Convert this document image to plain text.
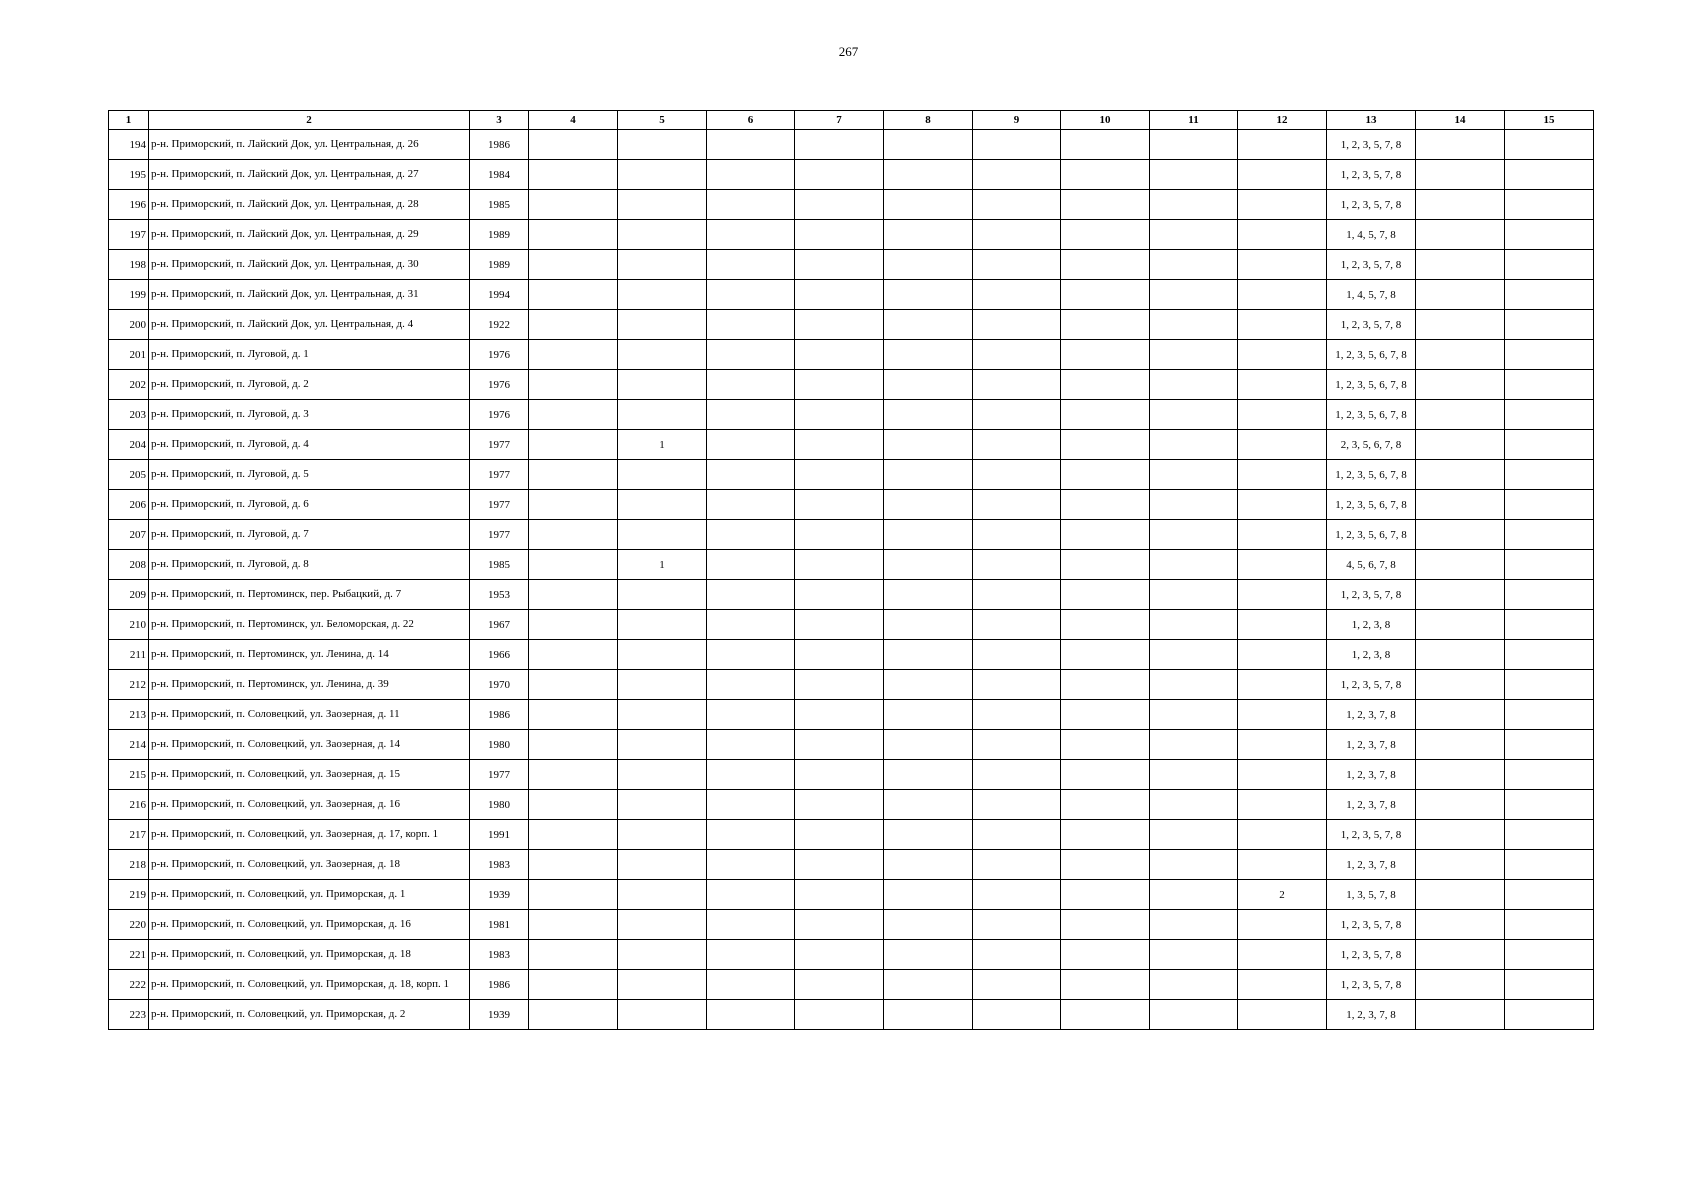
267
1	2	3	4	5	6	7	8	9	10	11	12	13	14	15
194	р-н. Приморский, п. Лайский Док, ул. Центральная, д. 26	1986										1, 2, 3, 5, 7, 8		
195	р-н. Приморский, п. Лайский Док, ул. Центральная, д. 27	1984										1, 2, 3, 5, 7, 8		
196	р-н. Приморский, п. Лайский Док, ул. Центральная, д. 28	1985										1, 2, 3, 5, 7, 8		
197	р-н. Приморский, п. Лайский Док, ул. Центральная, д. 29	1989										1, 4, 5, 7, 8		
198	р-н. Приморский, п. Лайский Док, ул. Центральная, д. 30	1989										1, 2, 3, 5, 7, 8		
199	р-н. Приморский, п. Лайский Док, ул. Центральная, д. 31	1994										1, 4, 5, 7, 8		
200	р-н. Приморский, п. Лайский Док, ул. Центральная, д. 4	1922										1, 2, 3, 5, 7, 8		
201	р-н. Приморский, п. Луговой, д. 1	1976										1, 2, 3, 5, 6, 7, 8		
202	р-н. Приморский, п. Луговой, д. 2	1976										1, 2, 3, 5, 6, 7, 8		
203	р-н. Приморский, п. Луговой, д. 3	1976										1, 2, 3, 5, 6, 7, 8		
204	р-н. Приморский, п. Луговой, д. 4	1977		1								2, 3, 5, 6, 7, 8		
205	р-н. Приморский, п. Луговой, д. 5	1977										1, 2, 3, 5, 6, 7, 8		
206	р-н. Приморский, п. Луговой, д. 6	1977										1, 2, 3, 5, 6, 7, 8		
207	р-н. Приморский, п. Луговой, д. 7	1977										1, 2, 3, 5, 6, 7, 8		
208	р-н. Приморский, п. Луговой, д. 8	1985		1								4, 5, 6, 7, 8		
209	р-н. Приморский, п. Пертоминск, пер. Рыбацкий, д. 7	1953										1, 2, 3, 5, 7, 8		
210	р-н. Приморский, п. Пертоминск, ул. Беломорская, д. 22	1967										1, 2, 3, 8		
211	р-н. Приморский, п. Пертоминск, ул. Ленина, д. 14	1966										1, 2, 3, 8		
212	р-н. Приморский, п. Пертоминск, ул. Ленина, д. 39	1970										1, 2, 3, 5, 7, 8		
213	р-н. Приморский, п. Соловецкий, ул. Заозерная, д. 11	1986										1, 2, 3, 7, 8		
214	р-н. Приморский, п. Соловецкий, ул. Заозерная, д. 14	1980										1, 2, 3, 7, 8		
215	р-н. Приморский, п. Соловецкий, ул. Заозерная, д. 15	1977										1, 2, 3, 7, 8		
216	р-н. Приморский, п. Соловецкий, ул. Заозерная, д. 16	1980										1, 2, 3, 7, 8		
217	р-н. Приморский, п. Соловецкий, ул. Заозерная, д. 17, корп. 1	1991										1, 2, 3, 5, 7, 8		
218	р-н. Приморский, п. Соловецкий, ул. Заозерная, д. 18	1983										1, 2, 3, 7, 8		
219	р-н. Приморский, п. Соловецкий, ул. Приморская, д. 1	1939									2	1, 3, 5, 7, 8		
220	р-н. Приморский, п. Соловецкий, ул. Приморская, д. 16	1981										1, 2, 3, 5, 7, 8		
221	р-н. Приморский, п. Соловецкий, ул. Приморская, д. 18	1983										1, 2, 3, 5, 7, 8		
222	р-н. Приморский, п. Соловецкий, ул. Приморская, д. 18, корп. 1	1986										1, 2, 3, 5, 7, 8		
223	р-н. Приморский, п. Соловецкий, ул. Приморская, д. 2	1939										1, 2, 3, 7, 8		
